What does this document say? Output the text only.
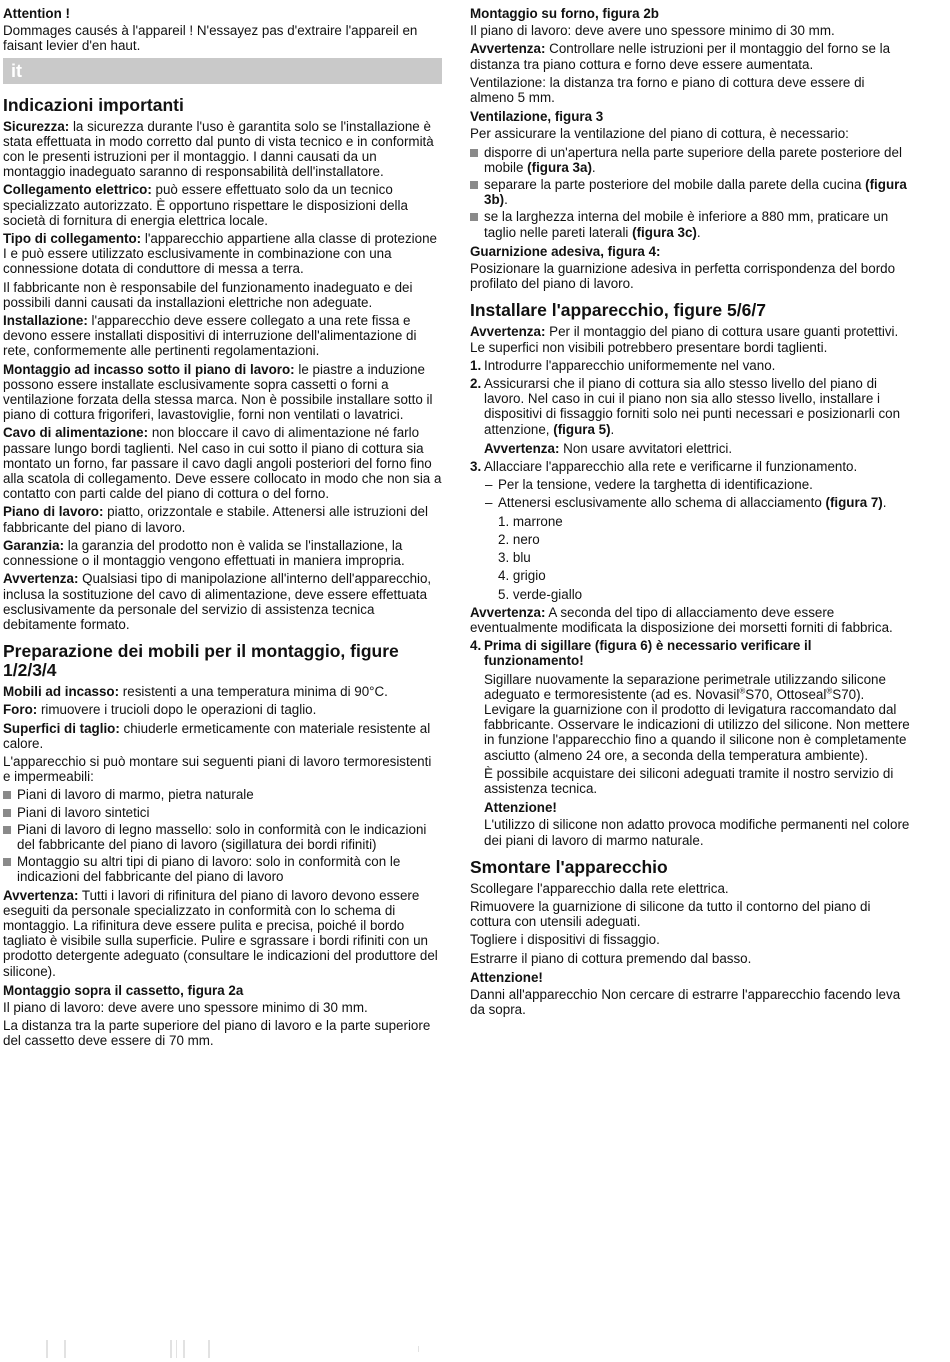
Attention !

Dommages causés à l'appareil ! N'essayez pas d'extraire l'appareil en faisant levier d'en haut.

it
Indicazioni importanti

Sicurezza: la sicurezza durante l'uso è garantita solo se l'installazione è stata effettuata in modo corretto dal punto di vista tecnico e in conformità con le presenti istruzioni per il montaggio. I danni causati da un montaggio inadeguato saranno di responsabilità dell'installatore.

Collegamento elettrico: può essere effettuato solo da un tecnico specializzato autorizzato. È opportuno rispettare le disposizioni della società di fornitura di energia elettrica locale.

Tipo di collegamento: l'apparecchio appartiene alla classe di protezione I e può essere utilizzato esclusivamente in combinazione con una connessione dotata di conduttore di messa a terra.

Il fabbricante non è responsabile del funzionamento inadeguato e dei possibili danni causati da installazioni elettriche non adeguate.

Installazione: l'apparecchio deve essere collegato a una rete fissa e devono essere installati dispositivi di interruzione dell'alimentazione di rete, conformemente alle pertinenti regolamentazioni.

Montaggio ad incasso sotto il piano di lavoro: le piastre a induzione possono essere installate esclusivamente sopra cassetti o forni a ventilazione forzata della stessa marca. Non è possibile installare sotto il piano di cottura frigoriferi, lavastoviglie, forni non ventilati o lavatrici.

Cavo di alimentazione: non bloccare il cavo di alimentazione né farlo passare lungo bordi taglienti. Nel caso in cui sotto il piano di cottura sia montato un forno, far passare il cavo dagli angoli posteriori del forno fino alla scatola di collegamento. Deve essere collocato in modo che non sia a contatto con parti calde del piano di cottura o del forno.

Piano di lavoro: piatto, orizzontale e stabile. Attenersi alle istruzioni del fabbricante del piano di lavoro.

Garanzia: la garanzia del prodotto non è valida se l'installazione, la connessione o il montaggio vengono effettuati in maniera impropria.

Avvertenza: Qualsiasi tipo di manipolazione all'interno dell'apparecchio, inclusa la sostituzione del cavo di alimentazione, deve essere effettuata esclusivamente da personale del servizio di assistenza tecnica debitamente formato.

Preparazione dei mobili per il montaggio, figure 1/2/3/4

Mobili ad incasso: resistenti a una temperatura minima di 90°C.

Foro: rimuovere i trucioli dopo le operazioni di taglio.

Superfici di taglio: chiuderle ermeticamente con materiale resistente al calore.

L'apparecchio si può montare sui seguenti piani di lavoro termoresistenti e impermeabili:

Piani di lavoro di marmo, pietra naturale
Piani di lavoro sintetici
Piani di lavoro di legno massello: solo in conformità con le indicazioni del fabbricante del piano di lavoro (sigillatura dei bordi rifiniti)
Montaggio su altri tipi di piano di lavoro: solo in conformità con le indicazioni del fabbricante del piano di lavoro

Avvertenza: Tutti i lavori di rifinitura del piano di lavoro devono essere eseguiti da personale specializzato in conformità con lo schema di montaggio. La rifinitura deve essere pulita e precisa, poiché il bordo tagliato è visibile sulla superficie. Pulire e sgrassare i bordi rifiniti con un prodotto detergente adeguato (consultare le indicazioni del produttore del silicone).

Montaggio sopra il cassetto, figura 2a

Il piano di lavoro: deve avere uno spessore minimo di 30 mm.

La distanza tra la parte superiore del piano di lavoro e la parte superiore del cassetto deve essere di 70 mm.

Montaggio su forno, figura 2b

Il piano di lavoro: deve avere uno spessore minimo di 30 mm.

Avvertenza: Controllare nelle istruzioni per il montaggio del forno se la distanza tra piano cottura e forno deve essere aumentata.

Ventilazione: la distanza tra forno e piano di cottura deve essere di almeno 5 mm.

Ventilazione, figura 3

Per assicurare la ventilazione del piano di cottura, è necessario:

disporre di un'apertura nella parte superiore della parete posteriore del mobile (figura 3a).
separare la parte posteriore del mobile dalla parete della cucina (figura 3b).
se la larghezza interna del mobile è inferiore a 880 mm, praticare un taglio nelle pareti laterali (figura 3c).

Guarnizione adesiva, figura 4:

Posizionare la guarnizione adesiva in perfetta corrispondenza del bordo profilato del piano di lavoro.

Installare l'apparecchio, figure 5/6/7

Avvertenza: Per il montaggio del piano di cottura usare guanti protettivi. Le superfici non visibili potrebbero presentare bordi taglienti.

1. Introdurre l'apparecchio uniformemente nel vano.
2. Assicurarsi che il piano di cottura sia allo stesso livello del piano di lavoro. Nel caso in cui il piano non sia allo stesso livello, installare i dispositivi di fissaggio forniti solo nei punti necessari e posizionarli con attenzione, (figura 5).

Avvertenza: Non usare avvitatori elettrici.

3. Allacciare l'apparecchio alla rete e verificarne il funzionamento.

– Per la tensione, vedere la targhetta di identificazione.
– Attenersi esclusivamente allo schema di allacciamento (figura 7).
1. marrone
2. nero
3. blu
4. grigio
5. verde-giallo

Avvertenza: A seconda del tipo di allacciamento deve essere eventualmente modificata la disposizione dei morsetti forniti di fabbrica.

4. Prima di sigillare (figura 6) è necessario verificare il funzionamento!

Sigillare nuovamente la separazione perimetrale utilizzando silicone adeguato e termoresistente (ad es. Novasil®S70, Ottoseal®S70). Levigare la guarnizione con il prodotto di levigatura raccomandato dal fabbricante. Osservare le indicazioni di utilizzo del silicone. Non mettere in funzione l'apparecchio fino a quando il silicone non è completamente asciutto (almeno 24 ore, a seconda della temperatura ambiente).

È possibile acquistare dei siliconi adeguati tramite il nostro servizio di assistenza tecnica.

Attenzione!

L'utilizzo di silicone non adatto provoca modifiche permanenti nel colore dei piani di lavoro di marmo naturale.

Smontare l'apparecchio

Scollegare l'apparecchio dalla rete elettrica.

Rimuovere la guarnizione di silicone da tutto il contorno del piano di cottura con utensili adeguati.

Togliere i dispositivi di fissaggio.

Estrarre il piano di cottura premendo dal basso.

Attenzione!

Danni all'apparecchio Non cercare di estrarre l'apparecchio facendo leva da sopra.
